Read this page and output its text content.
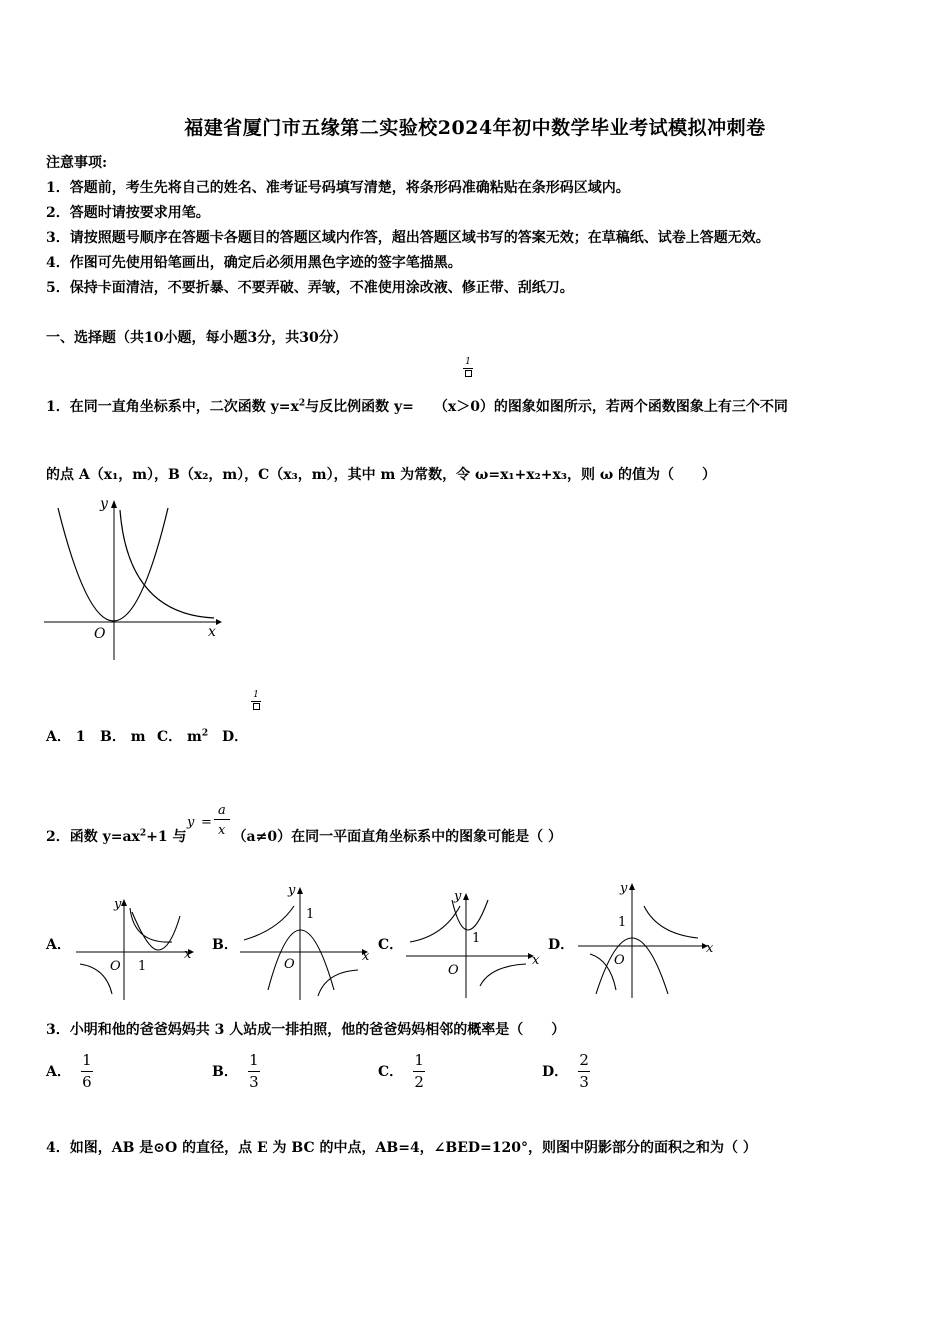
福建省厦门市五缘第二实验校2024年初中数学毕业考试模拟冲刺卷
注意事项:
1．答题前，考生先将自己的姓名、准考证号码填写清楚，将条形码准确粘贴在条形码区域内。
2．答题时请按要求用笔。
3．请按照题号顺序在答题卡各题目的答题区域内作答，超出答题区域书写的答案无效；在草稿纸、试卷上答题无效。
4．作图可先使用铅笔画出，确定后必须用黑色字迹的签字笔描黑。
5．保持卡面清洁，不要折暴、不要弄破、弄皱，不准使用涂改液、修正带、刮纸刀。
一、选择题（共10小题，每小题3分，共30分）
1
1．在同一直角坐标系中，二次函数 $y=x^2$与反比例函数 y= （x＞0）的图象如图所示，若两个函数图象上有三个不同
的点 A（x₁，m），B（x₂，m），C（x₃，m），其中 m 为常数，令 ω=x₁+x₂+x₃，则 ω 的值为（　　）
y
x
O
1
A． 1 B． m C． $m^2$ D．
y =
a
x
2．函数 $y=ax^2+1$ 与	（a≠0）在同一平面直角坐标系中的图象可能是（ ）
A．
y
x
O 1
B．
y
x
O
1
C．
y
x
O
1	D．
y
x
O
1
3．小明和他的爸爸妈妈共 3 人站成一排拍照，他的爸爸妈妈相邻的概率是（　　）
A． $\frac{1}{6}$	B． $\frac{1}{3}$	C． $\frac{1}{2}$	D． $\frac{2}{3}$
4．如图，AB 是⊙O 的直径，点 E 为 BC 的中点，AB=4，∠BED=120°，则图中阴影部分的面积之和为（ ）
